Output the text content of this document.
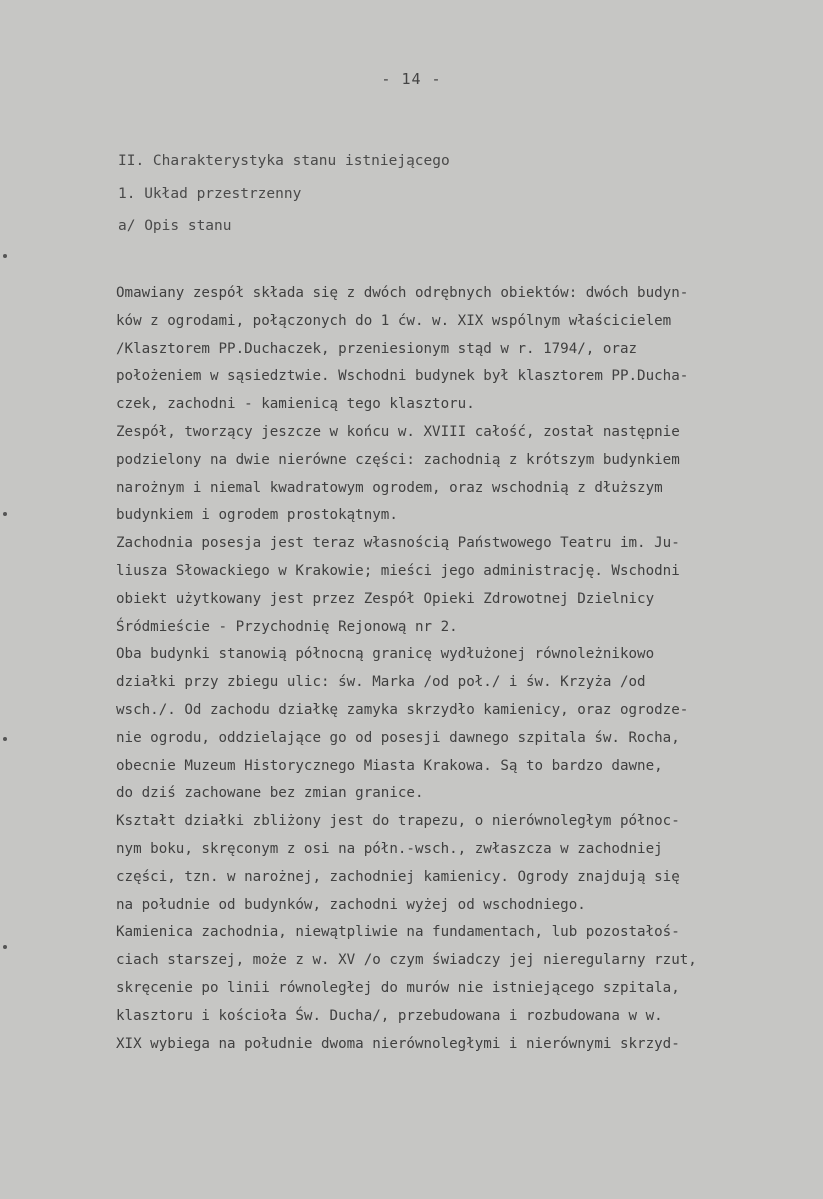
- 14 -
II. Charakterystyka stanu istniejącego
1. Układ przestrzenny
a/ Opis stanu
Omawiany zespół składa się z dwóch odrębnych obiektów: dwóch budyn-
ków z ogrodami, połączonych do 1 ćw. w. XIX wspólnym właścicielem
/Klasztorem PP.Duchaczek, przeniesionym stąd w r. 1794/, oraz
położeniem w sąsiedztwie. Wschodni budynek był klasztorem PP.Ducha-
czek, zachodni - kamienicą tego klasztoru.
Zespół, tworzący jeszcze w końcu w. XVIII całość, został następnie
podzielony na dwie nierówne części: zachodnią z krótszym budynkiem
narożnym i niemal kwadratowym ogrodem, oraz wschodnią z dłuższym
budynkiem i ogrodem prostokątnym.
Zachodnia posesja jest teraz własnością Państwowego Teatru im. Ju-
liusza Słowackiego w Krakowie; mieści jego administrację. Wschodni
obiekt użytkowany jest przez Zespół Opieki Zdrowotnej Dzielnicy
Śródmieście - Przychodnię Rejonową nr 2.
Oba budynki stanowią północną granicę wydłużonej równoleżnikowo
działki przy zbiegu ulic: św. Marka /od poł./ i św. Krzyża /od
wsch./. Od zachodu działkę zamyka skrzydło kamienicy, oraz ogrodze-
nie ogrodu, oddzielające go od posesji dawnego szpitala św. Rocha,
obecnie Muzeum Historycznego Miasta Krakowa. Są to bardzo dawne,
do dziś zachowane bez zmian granice.
Kształt działki zbliżony jest do trapezu, o nierównoległym północ-
nym boku, skręconym z osi na półn.-wsch., zwłaszcza w zachodniej
części, tzn. w narożnej, zachodniej kamienicy. Ogrody znajdują się
na południe od budynków, zachodni wyżej od wschodniego.
Kamienica zachodnia, niewątpliwie na fundamentach, lub pozostałoś-
ciach starszej, może z w. XV /o czym świadczy jej nieregularny rzut,
skręcenie po linii równoległej do murów nie istniejącego szpitala,
klasztoru i kościoła Św. Ducha/, przebudowana i rozbudowana w w.
XIX wybiega na południe dwoma nierównoległymi i nierównymi skrzyd-
